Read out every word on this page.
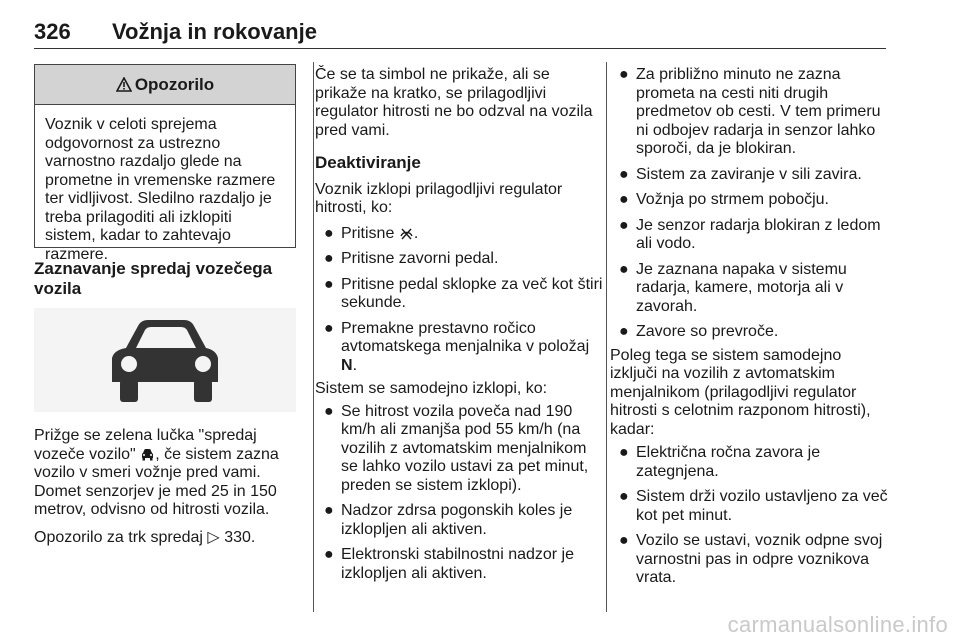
326 Vožnja in rokovanje
Opozorilo
Voznik v celoti sprejema odgovornost za ustrezno varnostno razdaljo glede na prometne in vremenske razmere ter vidljivost. Sledilno razdaljo je treba prilagoditi ali izklopiti sistem, kadar to zahtevajo razmere.
Zaznavanje spredaj vozečega vozila

Prižge se zelena lučka "spredaj vozeče vozilo" , če sistem zazna vozilo v smeri vožnje pred vami. Domet senzorjev je med 25 in 150 metrov, odvisno od hitrosti vozila.

Opozorilo za trk spredaj ▷ 330.

Če se ta simbol ne prikaže, ali se prikaže na kratko, se prilagodljivi regulator hitrosti ne bo odzval na vozila pred vami.

Deaktiviranje

Voznik izklopi prilagodljivi regulator hitrosti, ko:

● Pritisne .
● Pritisne zavorni pedal.
● Pritisne pedal sklopke za več kot štiri sekunde.
● Premakne prestavno ročico avtomatskega menjalnika v položaj N.

Sistem se samodejno izklopi, ko:

● Se hitrost vozila poveča nad 190 km/h ali zmanjša pod 55 km/h (na vozilih z avtomatskim menjalnikom se lahko vozilo ustavi za pet minut, preden se sistem izklopi).
● Nadzor zdrsa pogonskih koles je izklopljen ali aktiven.
● Elektronski stabilnostni nadzor je izklopljen ali aktiven.
● Za približno minuto ne zazna prometa na cesti niti drugih predmetov ob cesti. V tem primeru ni odbojev radarja in senzor lahko sporoči, da je blokiran.
● Sistem za zaviranje v sili zavira.
● Vožnja po strmem pobočju.
● Je senzor radarja blokiran z ledom ali vodo.
● Je zaznana napaka v sistemu radarja, kamere, motorja ali v zavorah.
● Zavore so prevroče.

Poleg tega se sistem samodejno izključi na vozilih z avtomatskim menjalnikom (prilagodljivi regulator hitrosti s celotnim razponom hitrosti), kadar:

● Električna ročna zavora je zategnjena.
● Sistem drži vozilo ustavljeno za več kot pet minut.
● Vozilo se ustavi, voznik odpne svoj varnostni pas in odpre voznikova vrata.
carmanualsonline.info
